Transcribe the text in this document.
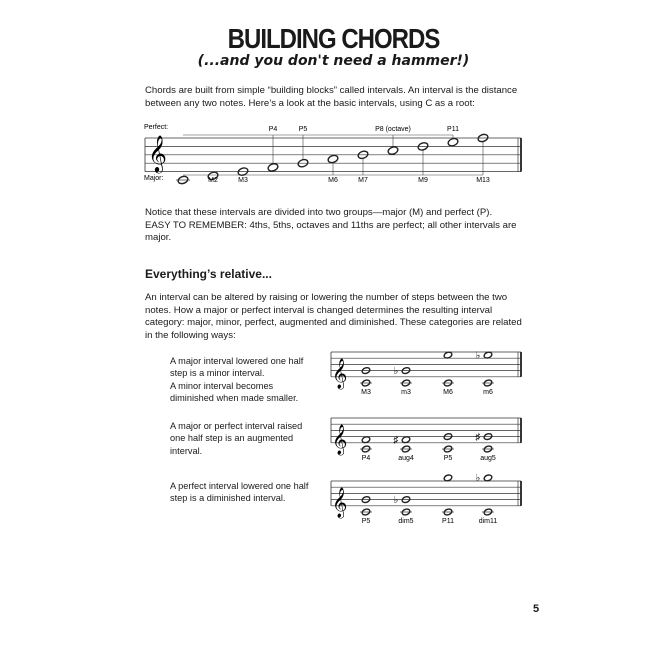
BUILDING CHORDS
(...and you don't need a hammer!)
Chords are built from simple “building blocks” called intervals. An interval is the distance
between any two notes. Here’s a look at the basic intervals, using C as a root:
Perfect:
Major:
𝄞
P4	P5	P8 (octave)	P11
M2	M3	M6	M7	M9	M13
Notice that these intervals are divided into two groups—major (M) and perfect (P).
EASY TO REMEMBER: 4ths, 5ths, octaves and 11ths are perfect; all other intervals are
major.
Everything’s relative...
An interval can be altered by raising or lowering the number of steps between the two
notes. How a major or perfect interval is changed determines the resulting interval
category: major, minor, perfect, augmented and diminished. These categories are related
in the following ways:
A major interval lowered one half
step is a minor interval.
A minor interval becomes
diminished when made smaller.
A major or perfect interval raised
one half step is an augmented
interval.
A perfect interval lowered one half
step is a diminished interval.
𝄞
M3
♭
m3	M6
♭
m6
𝄞
P4
♯
aug4	P5
♯
aug5
𝄞
P5
♭
dim5	P11
♭
dim11
5
